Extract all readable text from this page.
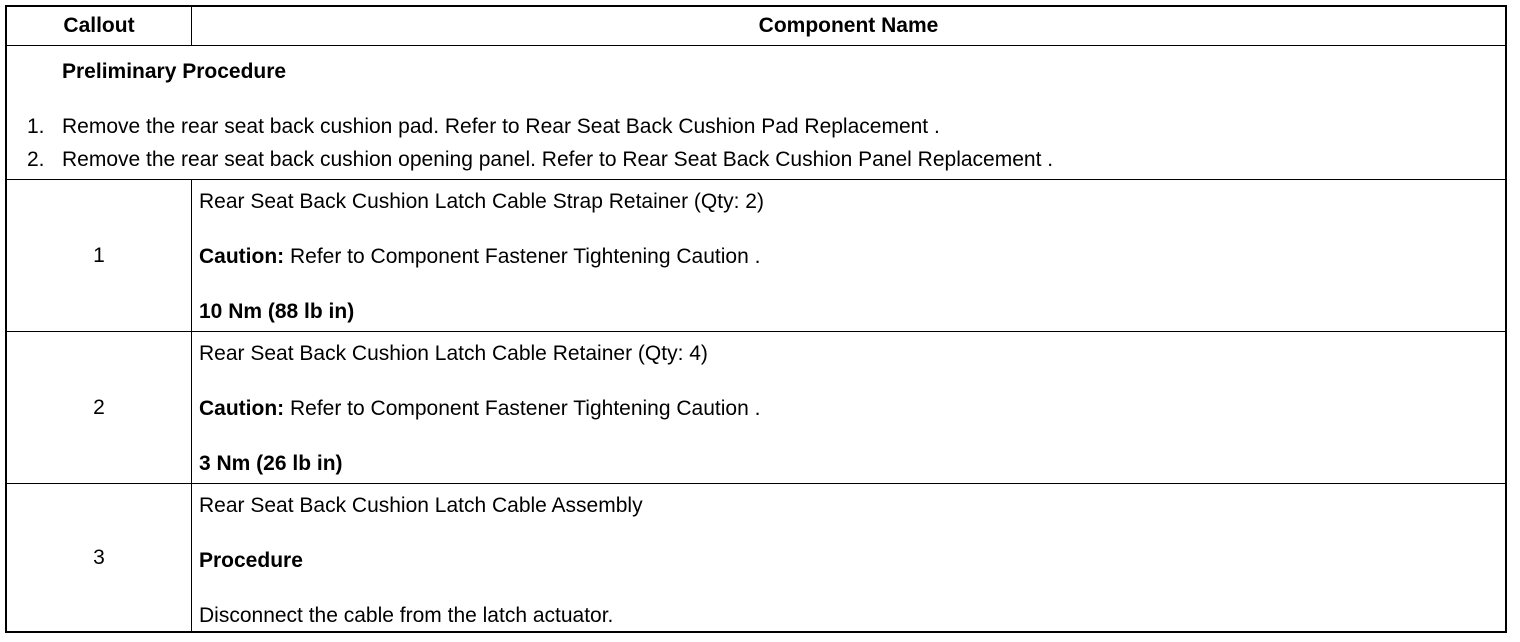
Callout	Component Name
Preliminary Procedure
1. Remove the rear seat back cushion pad. Refer to Rear Seat Back Cushion Pad Replacement .
2. Remove the rear seat back cushion opening panel. Refer to Rear Seat Back Cushion Panel Replacement .
1
Rear Seat Back Cushion Latch Cable Strap Retainer (Qty: 2)
Caution: Refer to Component Fastener Tightening Caution .
10 Nm (88 lb in)
2
Rear Seat Back Cushion Latch Cable Retainer (Qty: 4)
Caution: Refer to Component Fastener Tightening Caution .
3 Nm (26 lb in)
3
Rear Seat Back Cushion Latch Cable Assembly
Procedure
Disconnect the cable from the latch actuator.
